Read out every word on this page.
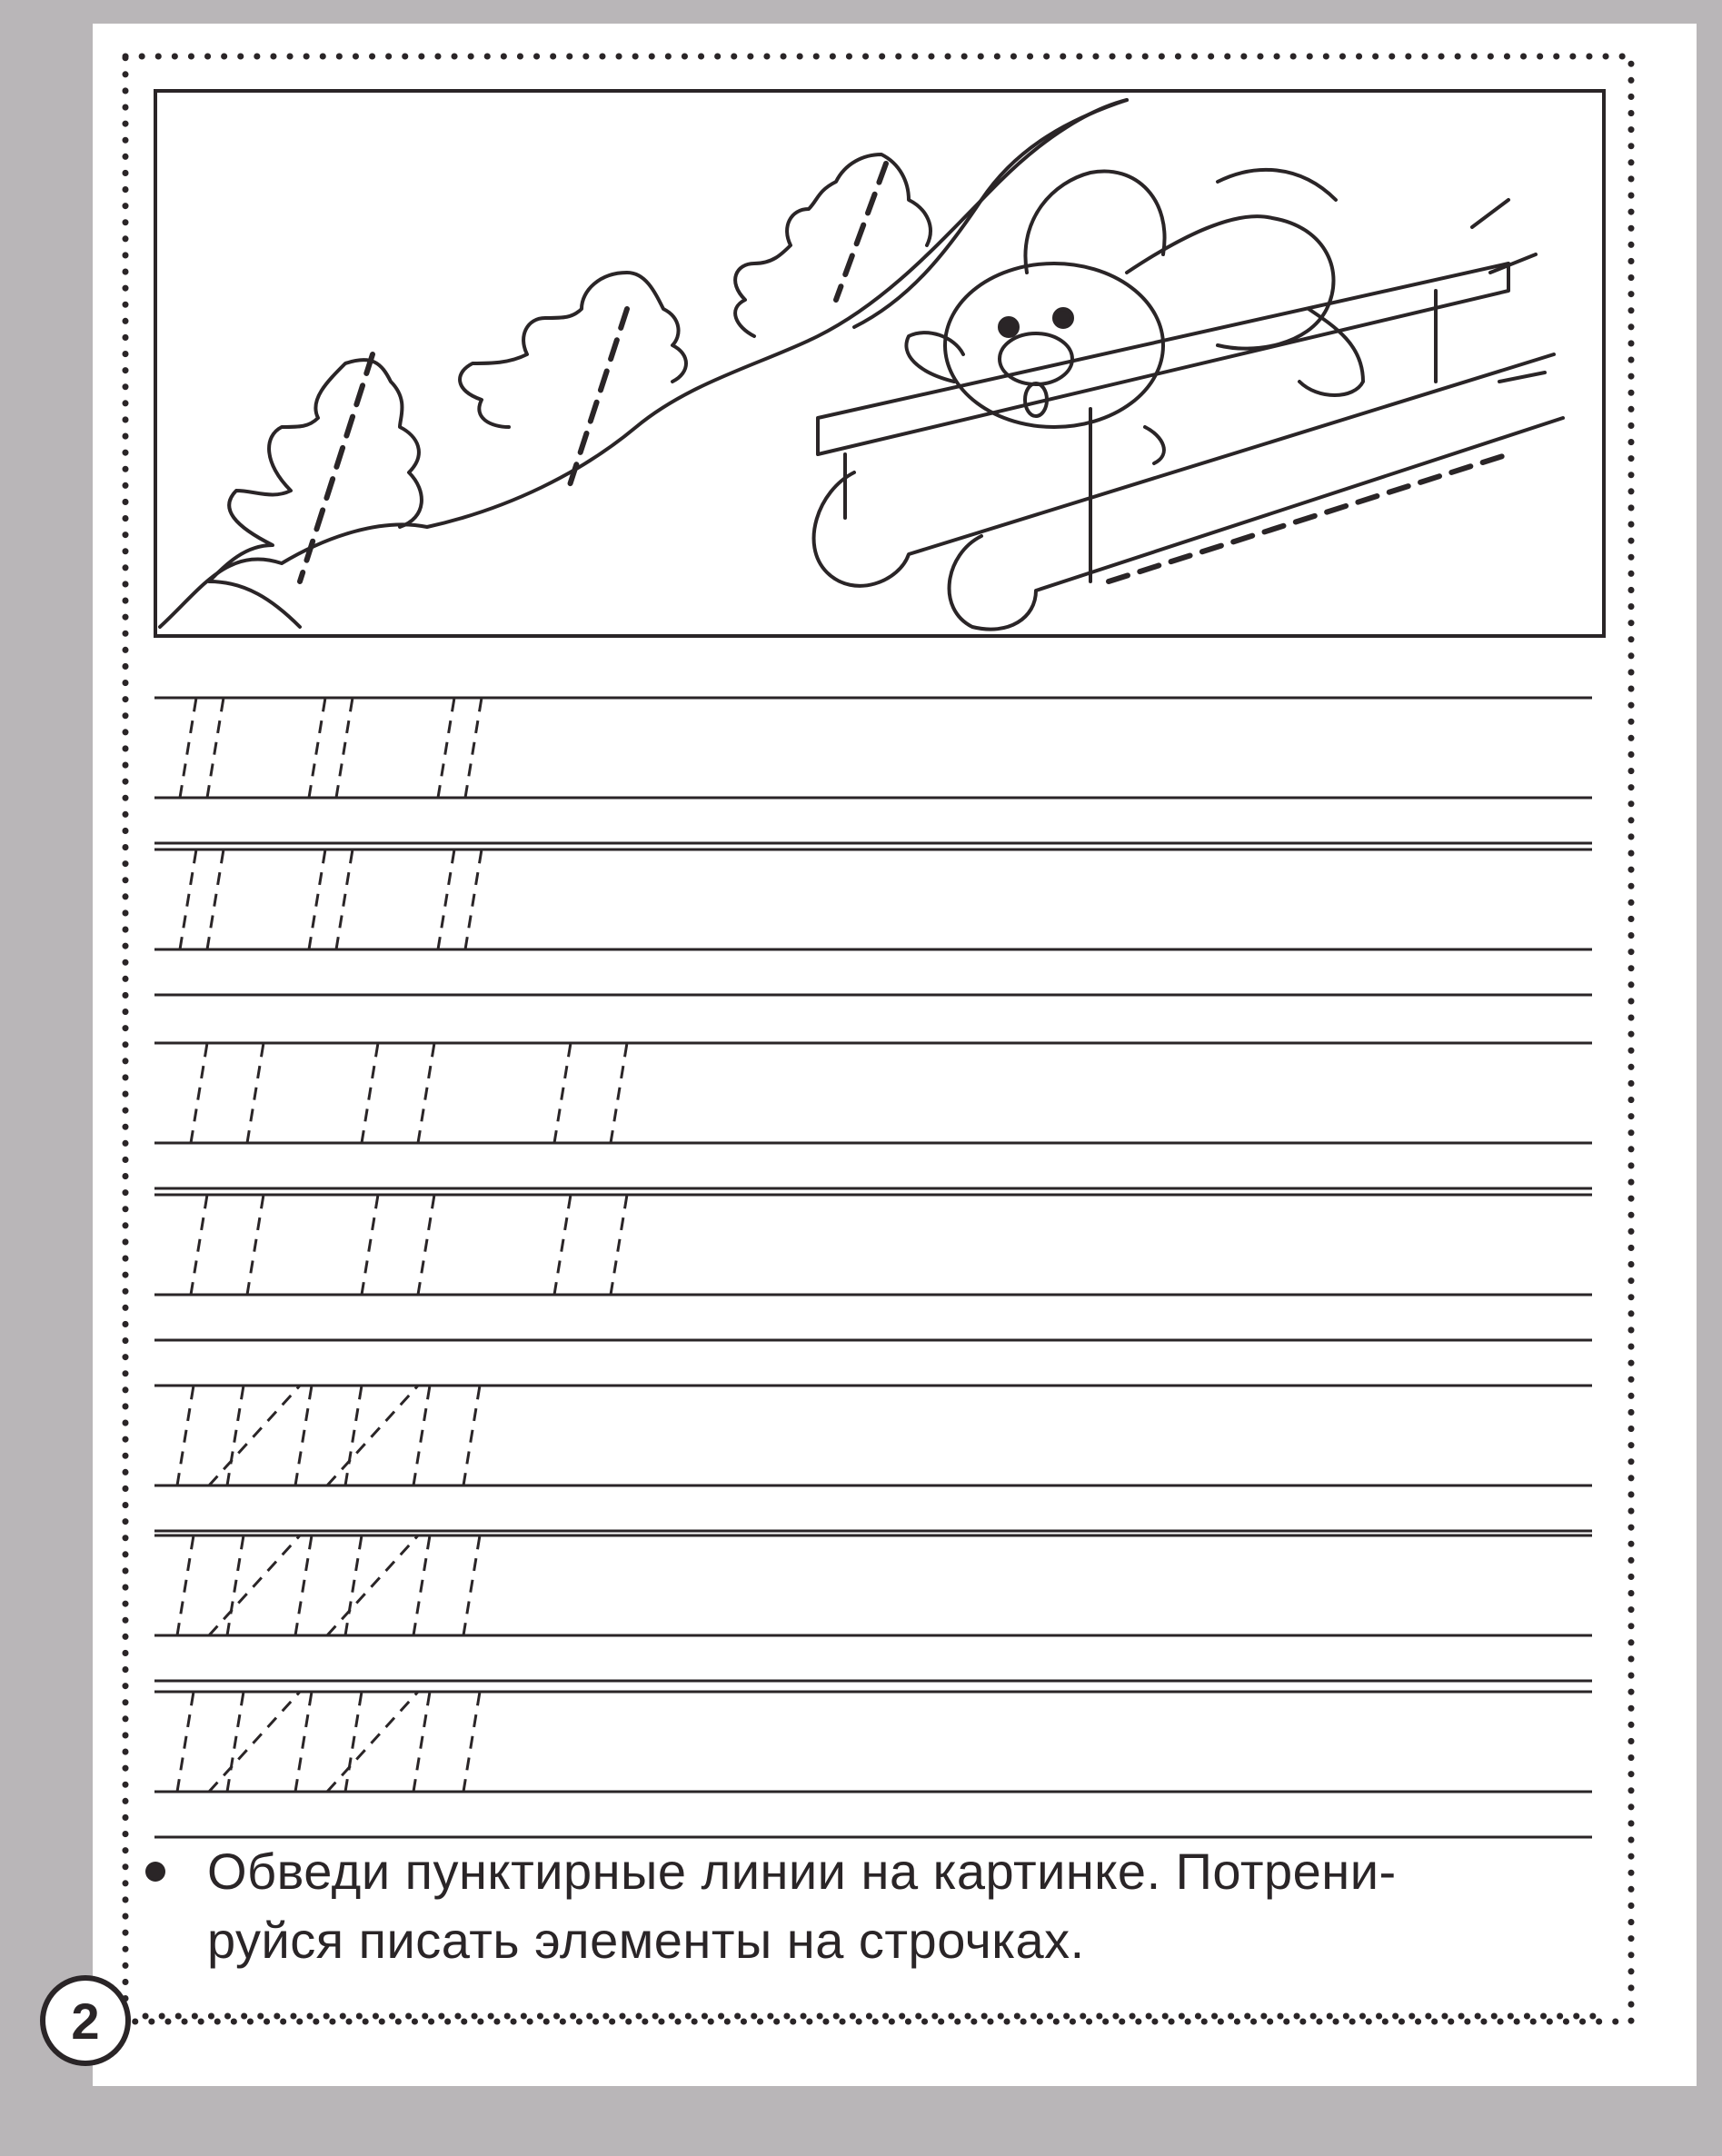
Обведи пунктирные линии на картинке. Потрени-
руйся писать элементы на строчках.
2
